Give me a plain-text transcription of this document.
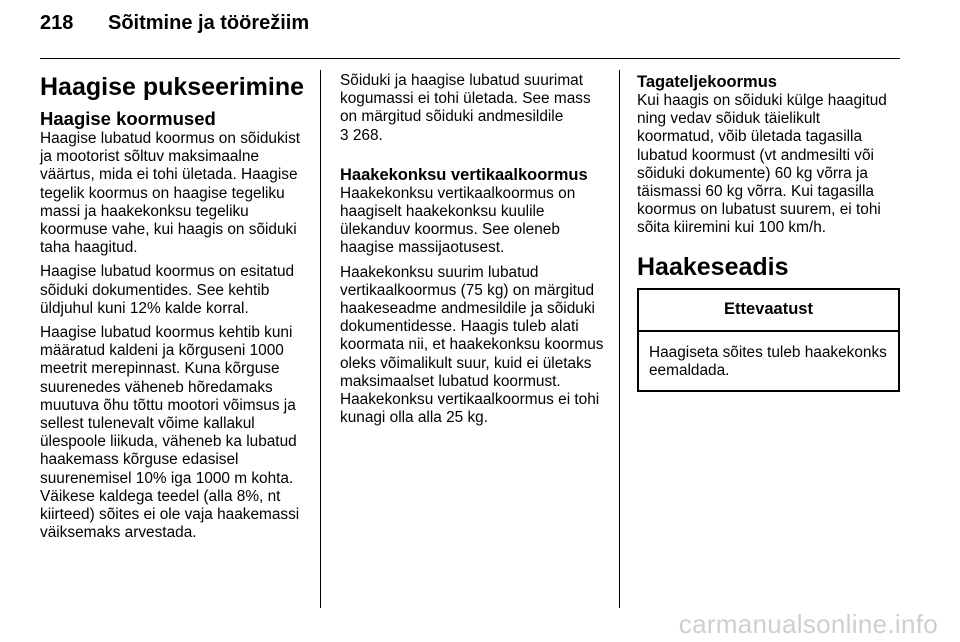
218 Sõitmine ja töörežiim
Haagise pukseerimine
Haagise koormused

Haagise lubatud koormus on sõidukist ja mootorist sõltuv maksimaalne väärtus, mida ei tohi ületada. Haagise tegelik koormus on haagise tegeliku massi ja haakekonksu tegeliku koormuse vahe, kui haagis on sõiduki taha haagitud.

Haagise lubatud koormus on esitatud sõiduki dokumentides. See kehtib üldjuhul kuni 12% kalde korral.

Haagise lubatud koormus kehtib kuni määratud kaldeni ja kõrguseni 1000 meetrit merepinnast. Kuna kõrguse suurenedes väheneb hõredamaks muutuva õhu tõttu mootori võimsus ja sellest tulenevalt võime kallakul ülespoole liikuda, väheneb ka lubatud haakemass kõrguse edasisel suurenemisel 10% iga 1000 m kohta. Väikese kaldega teedel (alla 8%, nt kiirteed) sõites ei ole vaja haakemassi väiksemaks arvestada.

Sõiduki ja haagise lubatud suurimat kogumassi ei tohi ületada. See mass on märgitud sõiduki andmesildile
3 268.

Haakekonksu vertikaalkoormus

Haakekonksu vertikaalkoormus on haagiselt haakekonksu kuulile ülekanduv koormus. See oleneb haagise massijaotusest.

Haakekonksu suurim lubatud vertikaalkoormus (75 kg) on märgitud haakeseadme andmesildile ja sõiduki dokumentidesse. Haagis tuleb alati koormata nii, et haakekonksu koormus oleks võimalikult suur, kuid ei ületaks maksimaalset lubatud koormust. Haakekonksu vertikaalkoormus ei tohi kunagi olla alla 25 kg.

Tagateljekoormus

Kui haagis on sõiduki külge haagitud ning vedav sõiduk täielikult koormatud, võib ületada tagasilla lubatud koormust (vt andmesilti või sõiduki dokumente) 60 kg võrra ja täismassi 60 kg võrra. Kui tagasilla koormus on lubatust suurem, ei tohi sõita kiiremini kui 100 km/h.

Haakeseadis
Ettevaatust
Haagiseta sõites tuleb haakekonks eemaldada.
carmanualsonline.info
